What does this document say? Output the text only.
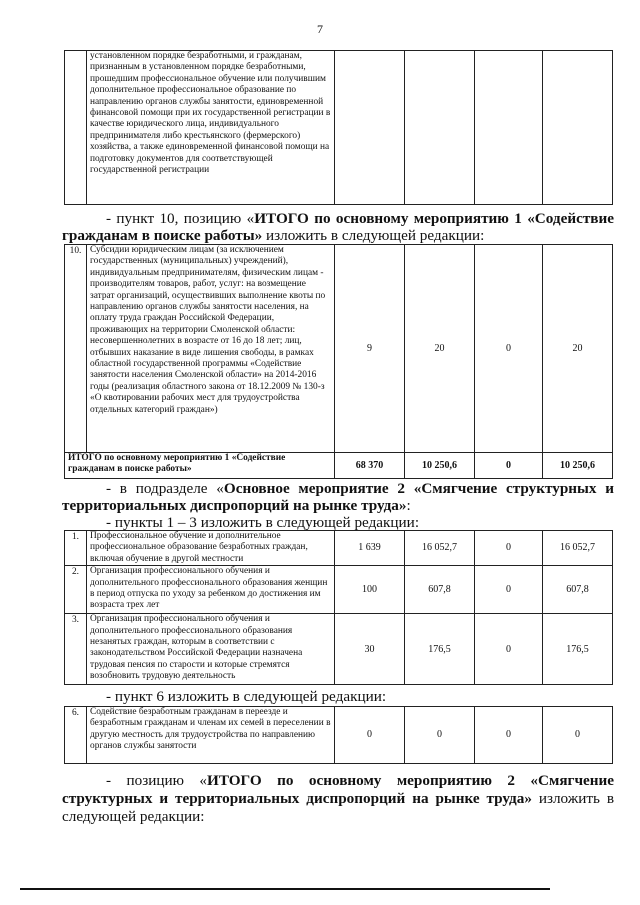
7
	установленном порядке безработными, и гражданам, признанным в установленном порядке безработными, прошедшим профессиональное обучение или получившим дополнительное профессиональное образование по направлению органов службы занятости, единовременной финансовой помощи при их государственной регистрации в качестве юридического лица, индивидуального предпринимателя либо крестьянского (фермерского) хозяйства, а также единовременной финансовой помощи на подготовку документов для соответствующей государственной регистрации				

- пункт 10, позицию «ИТОГО по основному мероприятию 1 «Содействие гражданам в поиске работы» изложить в следующей редакции:

10.	Субсидии юридическим лицам (за исключением государственных (муниципальных) учреждений), индивидуальным предпринимателям, физическим лицам - производителям товаров, работ, услуг: на возмещение затрат организаций, осуществивших выполнение квоты по направлению органов службы занятости населения, на оплату труда граждан Российской Федерации, проживающих на территории Смоленской области: несовершеннолетних в возрасте от 16 до 18 лет; лиц, отбывших наказание в виде лишения свободы, в рамках областной государственной программы «Содействие занятости населения Смоленской области» на 2014-2016 годы (реализация областного закона от 18.12.2009 № 130-з «О квотировании рабочих мест для трудоустройства отдельных категорий граждан»)	9	20	0	20
ИТОГО по основному мероприятию 1 «Содействие гражданам в поиске работы»		68 370	10 250,6	0	10 250,6

- в подразделе «Основное мероприятие 2 «Смягчение структурных и территориальных диспропорций на рынке труда»:

- пункты 1 – 3 изложить в следующей редакции:

1.	Профессиональное обучение и дополнительное профессиональное образование безработных граждан, включая обучение в другой местности	1 639	16 052,7	0	16 052,7
2.	Организация профессионального обучения и дополнительного профессионального образования женщин в период отпуска по уходу за ребенком до достижения им возраста трех лет	100	607,8	0	607,8
3.	Организация профессионального обучения и дополнительного профессионального образования незанятых граждан, которым в соответствии с законодательством Российской Федерации назначена трудовая пенсия по старости и которые стремятся возобновить трудовую деятельность	30	176,5	0	176,5

- пункт 6 изложить в следующей редакции:

6.	Содействие безработным гражданам в переезде и безработным гражданам и членам их семей в переселении в другую местность для трудоустройства по направлению органов службы занятости	0	0	0	0

- позицию «ИТОГО по основному мероприятию 2 «Смягчение структурных и территориальных диспропорций на рынке труда» изложить в следующей редакции:
